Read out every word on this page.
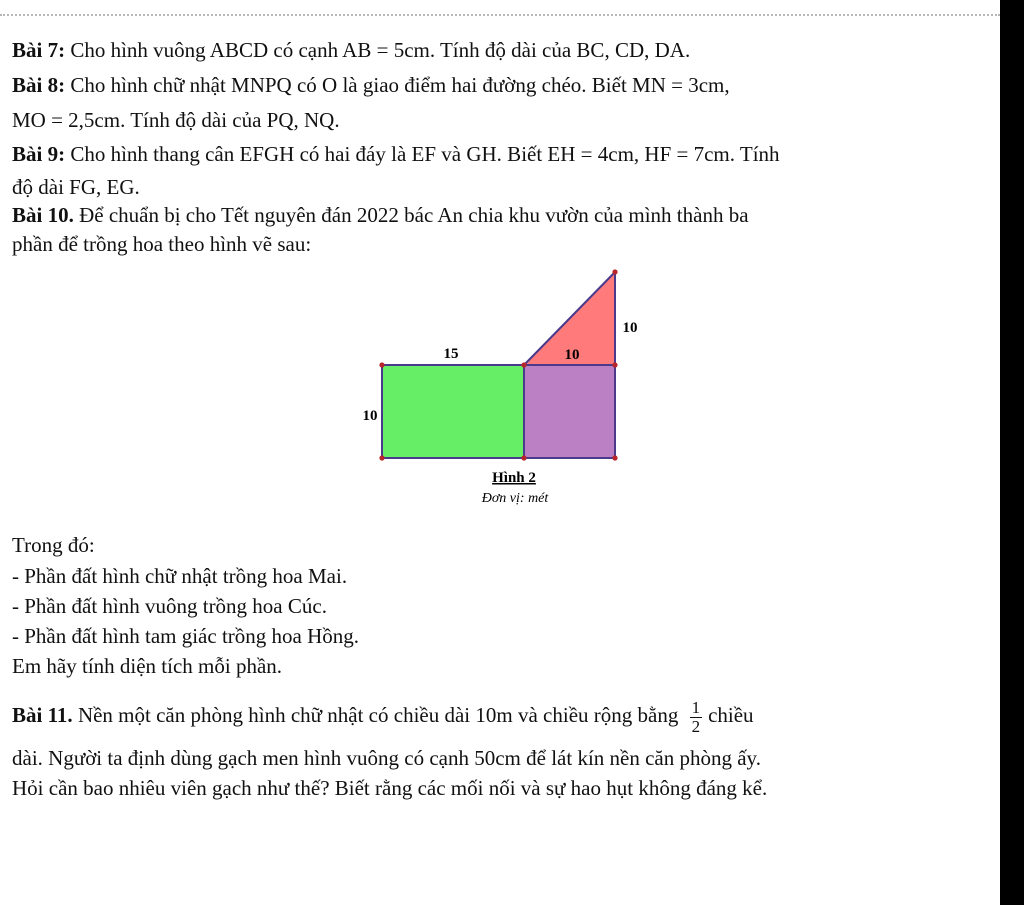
Bài 7: Cho hình vuông ABCD có cạnh AB = 5cm. Tính độ dài của BC, CD, DA.
Bài 8: Cho hình chữ nhật MNPQ có O là giao điểm hai đường chéo. Biết MN = 3cm,
MO = 2,5cm. Tính độ dài của PQ, NQ.
Bài 9: Cho hình thang cân EFGH có hai đáy là EF và GH. Biết EH = 4cm, HF = 7cm. Tính
độ dài FG, EG.
Bài 10. Để chuẩn bị cho Tết nguyên đán 2022 bác An chia khu vườn của mình thành ba
phần để trồng hoa theo hình vẽ sau:
15
10
10
10
Hình 2
Đơn vị: mét
Trong đó:
- Phần đất hình chữ nhật trồng hoa Mai.
- Phần đất hình vuông trồng hoa Cúc.
- Phần đất hình tam giác trồng hoa Hồng.
Em hãy tính diện tích mỗi phần.
Bài 11. Nền một căn phòng hình chữ nhật có chiều dài 10m và chiều rộng bằng $\frac{1}{2}$ chiều
dài. Người ta định dùng gạch men hình vuông có cạnh 50cm để lát kín nền căn phòng ấy.
Hỏi cần bao nhiêu viên gạch như thế? Biết rằng các mối nối và sự hao hụt không đáng kể.
